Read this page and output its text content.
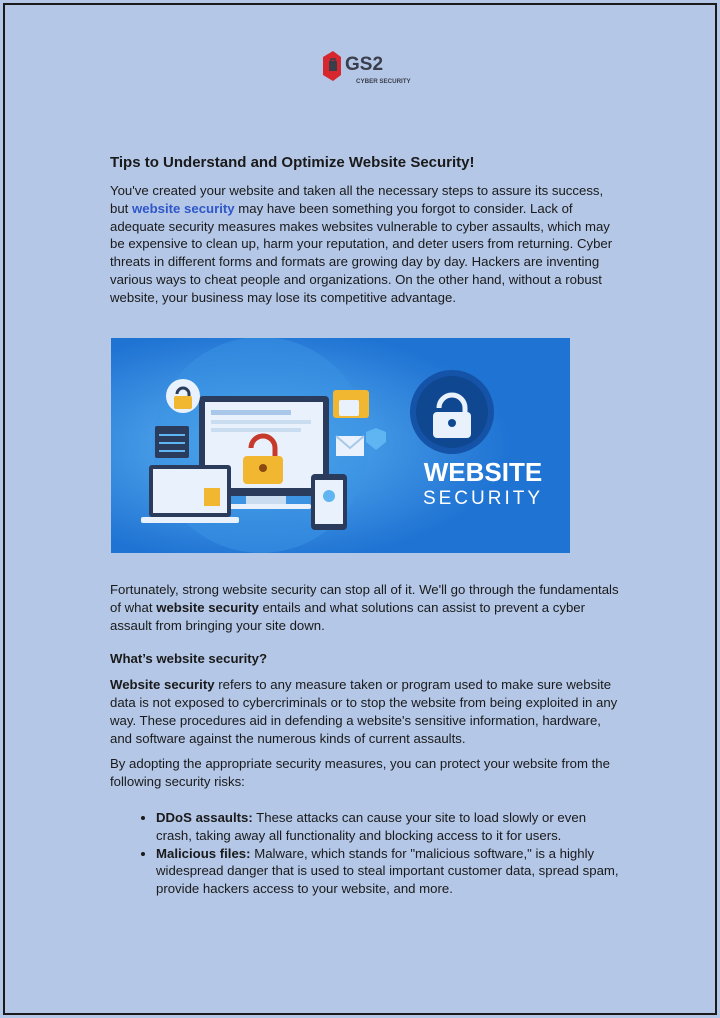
GS2
CYBER SECURITY
Tips to Understand and Optimize Website Security!

You've created your website and taken all the necessary steps to assure its success, but website security may have been something you forgot to consider. Lack of adequate security measures makes websites vulnerable to cyber assaults, which may be expensive to clean up, harm your reputation, and deter users from returning. Cyber threats in different forms and formats are growing day by day. Hackers are inventing various ways to cheat people and organizations. On the other hand, without a robust website, your business may lose its competitive advantage.

WEBSITE
SECURITY

Fortunately, strong website security can stop all of it. We'll go through the fundamentals of what website security entails and what solutions can assist to prevent a cyber assault from bringing your site down.

What’s website security?

Website security refers to any measure taken or program used to make sure website data is not exposed to cybercriminals or to stop the website from being exploited in any way. These procedures aid in defending a website's sensitive information, hardware, and software against the numerous kinds of current assaults.

By adopting the appropriate security measures, you can protect your website from the following security risks:

• DDoS assaults: These attacks can cause your site to load slowly or even crash, taking away all functionality and blocking access to it for users.
• Malicious files: Malware, which stands for "malicious software," is a highly widespread danger that is used to steal important customer data, spread spam, provide hackers access to your website, and more.
